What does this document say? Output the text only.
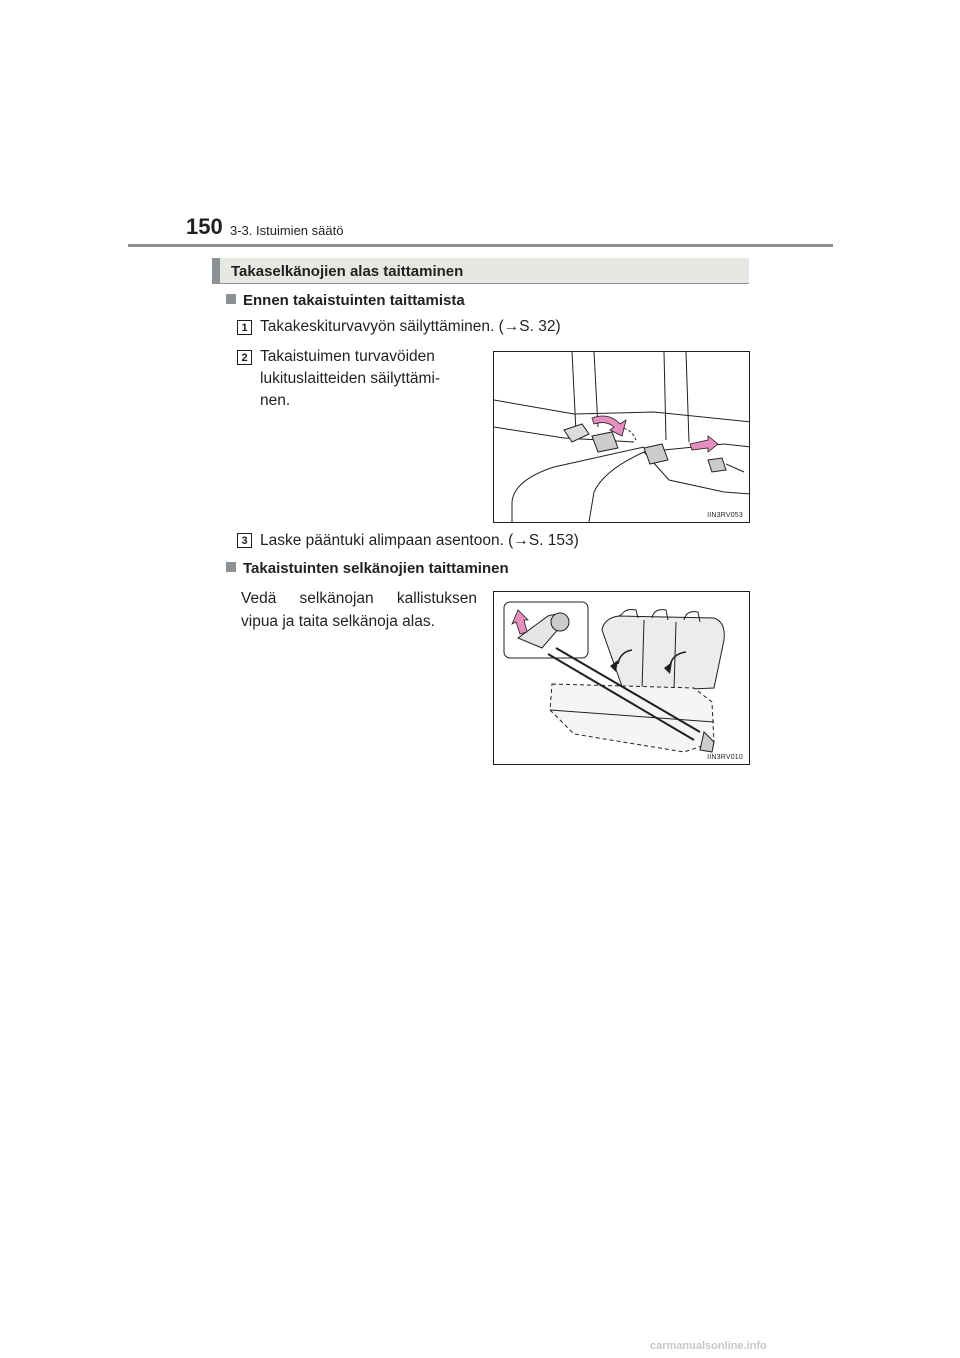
150 3-3. Istuimien säätö
Takaselkänojien alas taittaminen
Ennen takaistuinten taittamista
1 Takakeskiturvavyön säilyttäminen. (→S. 32)
2 Takaistuimen turvavöiden lukituslaitteiden säilyttämi-nen.
IIN3RV053
3 Laske pääntuki alimpaan asentoon. (→S. 153)
Takaistuinten selkänojien taittaminen
Vedä selkänojan kallistuksen vipua ja taita selkänoja alas.
IIN3RV010
carmanualsonline.info
